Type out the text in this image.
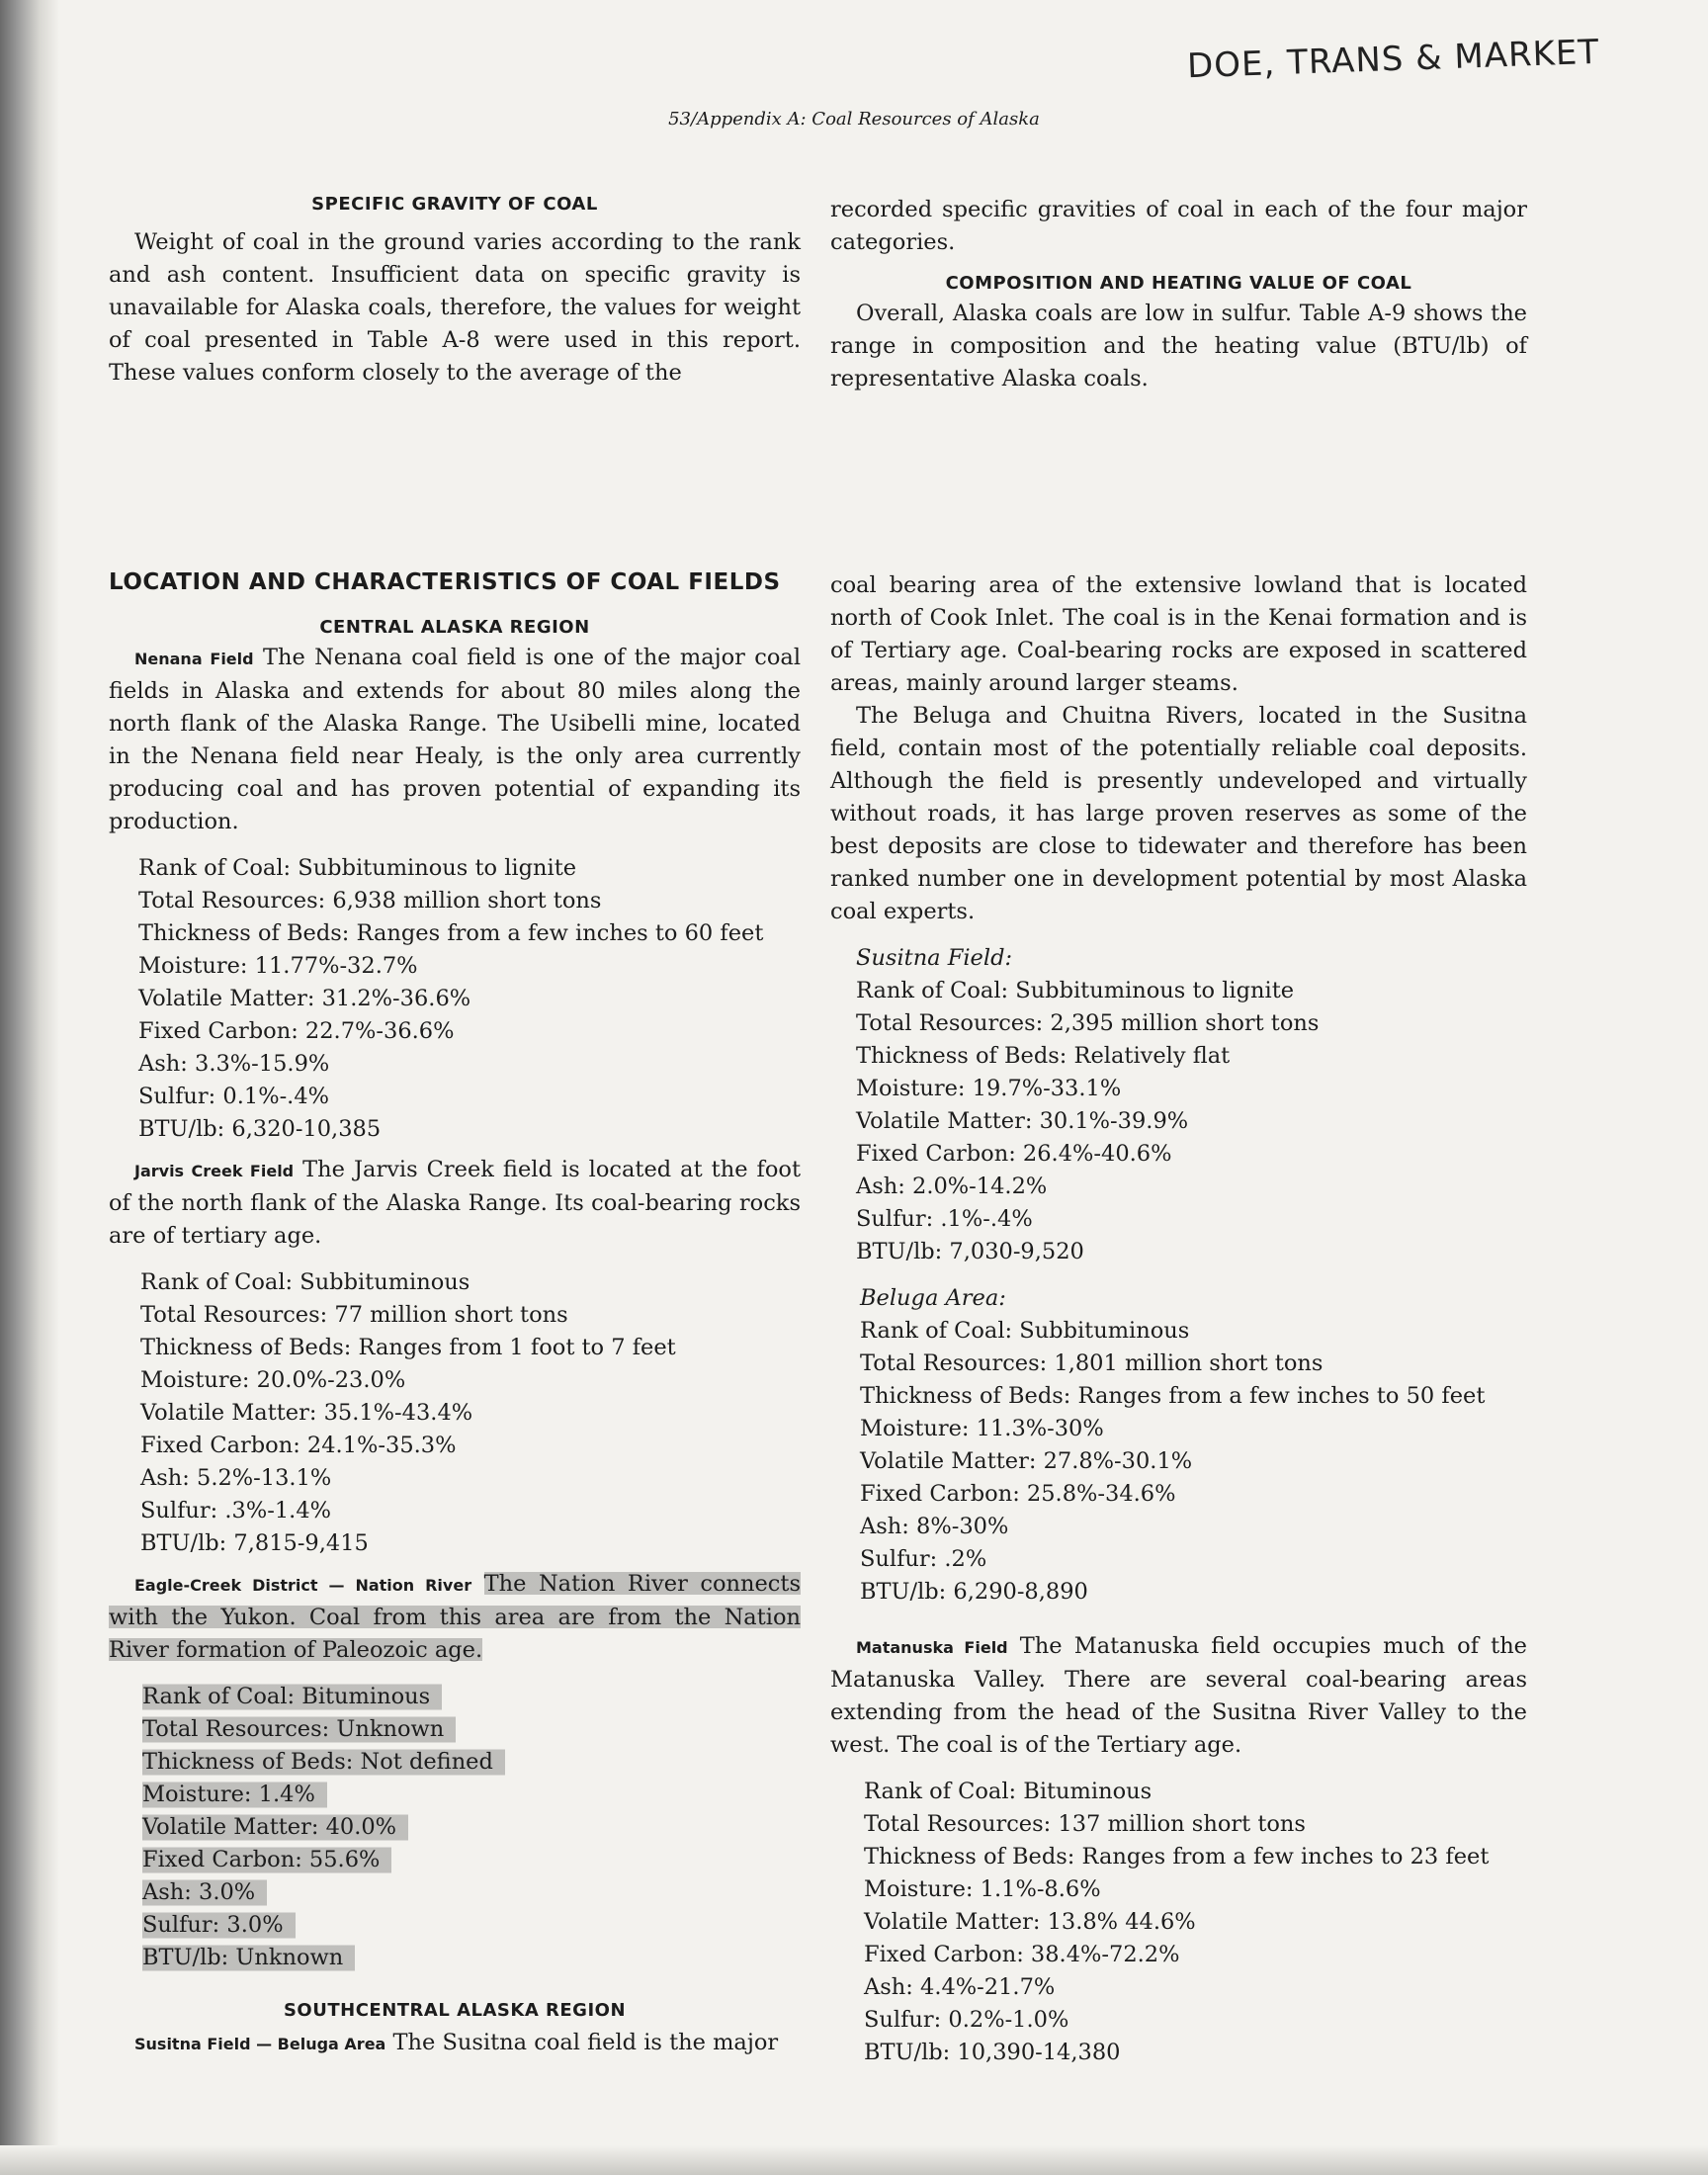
DOE, TRANS & MARKET
53/Appendix A: Coal Resources of Alaska
SPECIFIC GRAVITY OF COAL

Weight of coal in the ground varies according to the rank and ash content. Insufficient data on specific gravity is unavailable for Alaska coals, therefore, the values for weight of coal presented in Table A-8 were used in this report. These values conform closely to the average of the

recorded specific gravities of coal in each of the four major categories.

COMPOSITION AND HEATING VALUE OF COAL

Overall, Alaska coals are low in sulfur. Table A-9 shows the range in composition and the heating value (BTU/lb) of representative Alaska coals.

LOCATION AND CHARACTERISTICS OF COAL FIELDS
CENTRAL ALASKA REGION

Nenana Field The Nenana coal field is one of the major coal fields in Alaska and extends for about 80 miles along the north flank of the Alaska Range. The Usibelli mine, located in the Nenana field near Healy, is the only area currently producing coal and has proven potential of expanding its production.

Rank of Coal: Subbituminous to lignite
Total Resources: 6,938 million short tons
Thickness of Beds: Ranges from a few inches to 60 feet
Moisture: 11.77%-32.7%
Volatile Matter: 31.2%-36.6%
Fixed Carbon: 22.7%-36.6%
Ash: 3.3%-15.9%
Sulfur: 0.1%-.4%
BTU/lb: 6,320-10,385

Jarvis Creek Field The Jarvis Creek field is located at the foot of the north flank of the Alaska Range. Its coal-bearing rocks are of tertiary age.

Rank of Coal: Subbituminous
Total Resources: 77 million short tons
Thickness of Beds: Ranges from 1 foot to 7 feet
Moisture: 20.0%-23.0%
Volatile Matter: 35.1%-43.4%
Fixed Carbon: 24.1%-35.3%
Ash: 5.2%-13.1%
Sulfur: .3%-1.4%
BTU/lb: 7,815-9,415

Eagle-Creek District — Nation River The Nation River connects with the Yukon. Coal from this area are from the Nation River formation of Paleozoic age.

Rank of Coal: Bituminous
Total Resources: Unknown
Thickness of Beds: Not defined
Moisture: 1.4%
Volatile Matter: 40.0%
Fixed Carbon: 55.6%
Ash: 3.0%
Sulfur: 3.0%
BTU/lb: Unknown
SOUTHCENTRAL ALASKA REGION

Susitna Field — Beluga Area The Susitna coal field is the major

coal bearing area of the extensive lowland that is located north of Cook Inlet. The coal is in the Kenai formation and is of Tertiary age. Coal-bearing rocks are exposed in scattered areas, mainly around larger steams.

The Beluga and Chuitna Rivers, located in the Susitna field, contain most of the potentially reliable coal deposits. Although the field is presently undeveloped and virtually without roads, it has large proven reserves as some of the best deposits are close to tidewater and therefore has been ranked number one in development potential by most Alaska coal experts.

Susitna Field:

Rank of Coal: Subbituminous to lignite
Total Resources: 2,395 million short tons
Thickness of Beds: Relatively flat
Moisture: 19.7%-33.1%
Volatile Matter: 30.1%-39.9%
Fixed Carbon: 26.4%-40.6%
Ash: 2.0%-14.2%
Sulfur: .1%-.4%
BTU/lb: 7,030-9,520

Beluga Area:

Rank of Coal: Subbituminous
Total Resources: 1,801 million short tons
Thickness of Beds: Ranges from a few inches to 50 feet
Moisture: 11.3%-30%
Volatile Matter: 27.8%-30.1%
Fixed Carbon: 25.8%-34.6%
Ash: 8%-30%
Sulfur: .2%
BTU/lb: 6,290-8,890

Matanuska Field The Matanuska field occupies much of the Matanuska Valley. There are several coal-bearing areas extending from the head of the Susitna River Valley to the west. The coal is of the Tertiary age.

Rank of Coal: Bituminous
Total Resources: 137 million short tons
Thickness of Beds: Ranges from a few inches to 23 feet
Moisture: 1.1%-8.6%
Volatile Matter: 13.8% 44.6%
Fixed Carbon: 38.4%-72.2%
Ash: 4.4%-21.7%
Sulfur: 0.2%-1.0%
BTU/lb: 10,390-14,380
